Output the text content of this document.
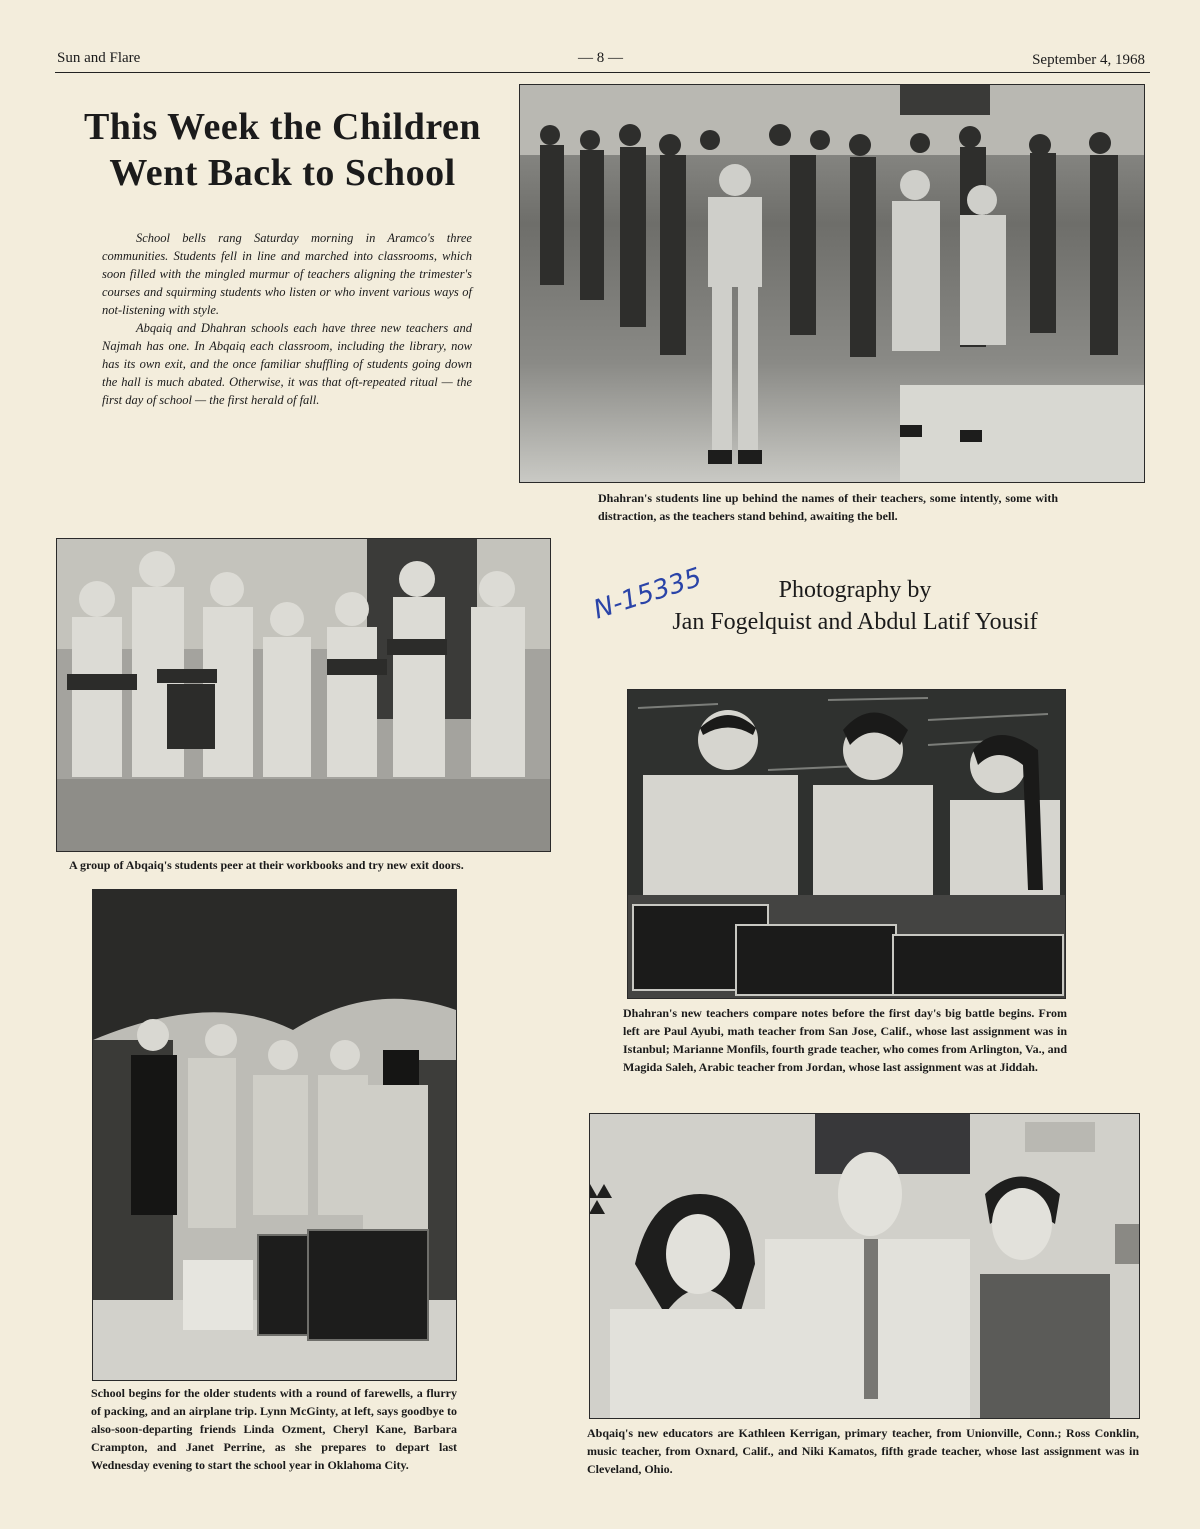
Sun and Flare	— 8 —	September 4, 1968
This Week the Children
Went Back to School

School bells rang Saturday morning in Aramco's three communities. Students fell in line and marched into classrooms, which soon filled with the mingled murmur of teachers aligning the trimester's courses and squirming students who listen or who invent various ways of not-listening with style.

Abqaiq and Dhahran schools each have three new teachers and Najmah has one. In Abqaiq each classroom, including the library, now has its own exit, and the once familiar shuffling of students going down the hall is much abated. Otherwise, it was that oft-repeated ritual — the first day of school — the first herald of fall.

Dhahran's students line up behind the names of their teachers, some intently, some with distraction, as the teachers stand behind, awaiting the bell.
A group of Abqaiq's students peer at their workbooks and try new exit doors.
N-15335	Photography by
Jan Fogelquist and Abdul Latif Yousif
Dhahran's new teachers compare notes before the first day's big battle begins. From left are Paul Ayubi, math teacher from San Jose, Calif., whose last assignment was in Istanbul; Marianne Monfils, fourth grade teacher, who comes from Arlington, Va., and Magida Saleh, Arabic teacher from Jordan, whose last assignment was at Jiddah.
School begins for the older students with a round of farewells, a flurry of packing, and an airplane trip. Lynn McGinty, at left, says goodbye to also-soon-departing friends Linda Ozment, Cheryl Kane, Barbara Crampton, and Janet Perrine, as she prepares to depart last Wednesday evening to start the school year in Oklahoma City.
Abqaiq's new educators are Kathleen Kerrigan, primary teacher, from Unionville, Conn.; Ross Conklin, music teacher, from Oxnard, Calif., and Niki Kamatos, fifth grade teacher, whose last assignment was in Cleveland, Ohio.
